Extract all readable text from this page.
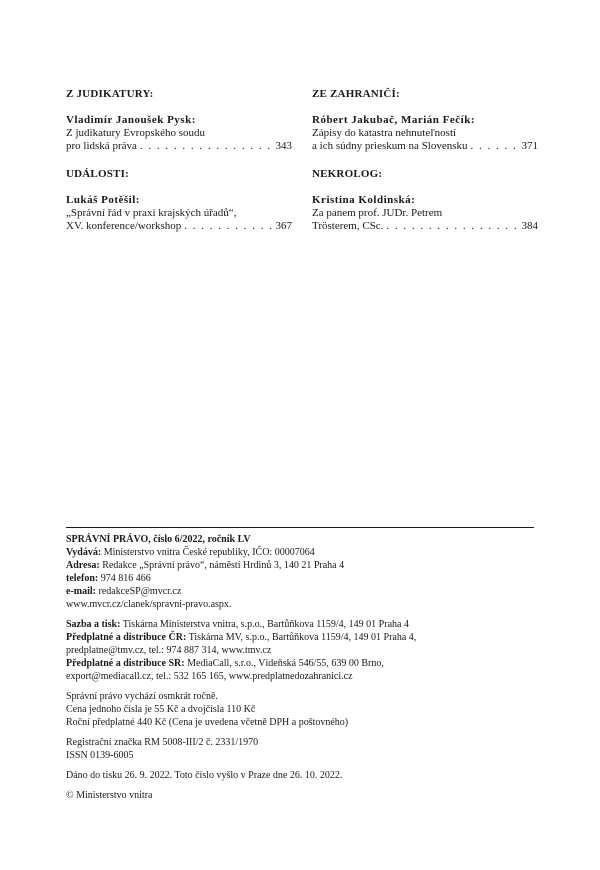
Z JUDIKATURY:
Vladimír Janoušek Pysk:
Z judikatury Evropského soudu
pro lidská práva . . .	343
UDÁLOSTI:
Lukáš Potěšil:
„Správní řád v praxi krajských úřadů“,
XV. konference/workshop . . .	367
ZE ZAHRANIČÍ:
Róbert Jakubač, Marián Fečík:
Zápisy do katastra nehnuteľností
a ich súdny prieskum na Slovensku . . .	371
NEKROLOG:
Kristina Koldinská:
Za panem prof. JUDr. Petrem
Trösterem, CSc. . . .	384

SPRÁVNÍ PRÁVO, číslo 6/2022, ročník LV

Vydává: Ministerstvo vnitra České republiky, IČO: 00007064

Adresa: Redakce „Správní právo“, náměstí Hrdinů 3, 140 21 Praha 4

telefon: 974 816 466

e-mail: redakceSP@mvcr.cz

www.mvcr.cz/clanek/spravni-pravo.aspx.

Sazba a tisk: Tiskárna Ministerstva vnitra, s.p.o., Bartůňkova 1159/4, 149 01 Praha 4

Předplatné a distribuce ČR: Tiskárna MV, s.p.o., Bartůňkova 1159/4, 149 01 Praha 4,

predplatne@tmv.cz, tel.: 974 887 314, www.tmv.cz

Předplatné a distribuce SR: MediaCall, s.r.o., Vídeňská 546/55, 639 00 Brno,

export@mediacall.cz, tel.: 532 165 165, www.predplatnedozahranici.cz

Správní právo vychází osmkrát ročně.

Cena jednoho čísla je 55 Kč a dvojčísla 110 Kč

Roční předplatné 440 Kč (Cena je uvedena včetně DPH a poštovného)

Registrační značka RM 5008-III/2 č. 2331/1970

ISSN 0139-6005

Dáno do tisku 26. 9. 2022. Toto číslo vyšlo v Praze dne 26. 10. 2022.

© Ministerstvo vnitra
